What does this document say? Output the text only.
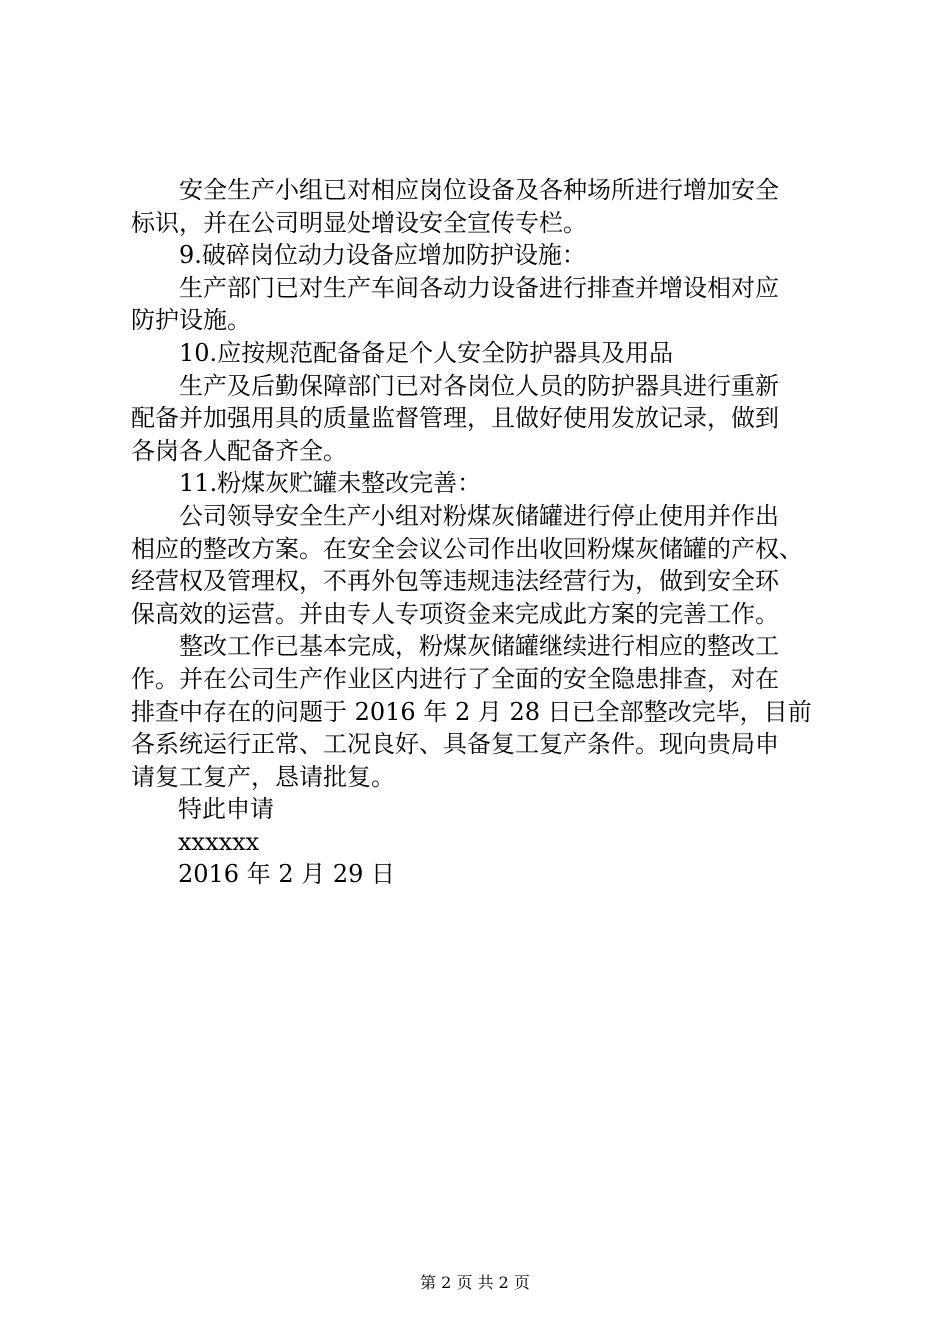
　　安全生产小组已对相应岗位设备及各种场所进行增加安全
标识，并在公司明显处增设安全宣传专栏。
　　9.破碎岗位动力设备应增加防护设施：
　　生产部门已对生产车间各动力设备进行排查并增设相对应
防护设施。
　　10.应按规范配备备足个人安全防护器具及用品
　　生产及后勤保障部门已对各岗位人员的防护器具进行重新
配备并加强用具的质量监督管理，且做好使用发放记录，做到
各岗各人配备齐全。
　　11.粉煤灰贮罐未整改完善：
　　公司领导安全生产小组对粉煤灰储罐进行停止使用并作出
相应的整改方案。在安全会议公司作出收回粉煤灰储罐的产权、
经营权及管理权，不再外包等违规违法经营行为，做到安全环
保高效的运营。并由专人专项资金来完成此方案的完善工作。
　　整改工作已基本完成，粉煤灰储罐继续进行相应的整改工
作。并在公司生产作业区内进行了全面的安全隐患排查，对在
排查中存在的问题于 2016 年 2 月 28 日已全部整改完毕，目前
各系统运行正常、工况良好、具备复工复产条件。现向贵局申
请复工复产，恳请批复。
特此申请
xxxxxx
2016 年 2 月 29 日
第 2 页 共 2 页
